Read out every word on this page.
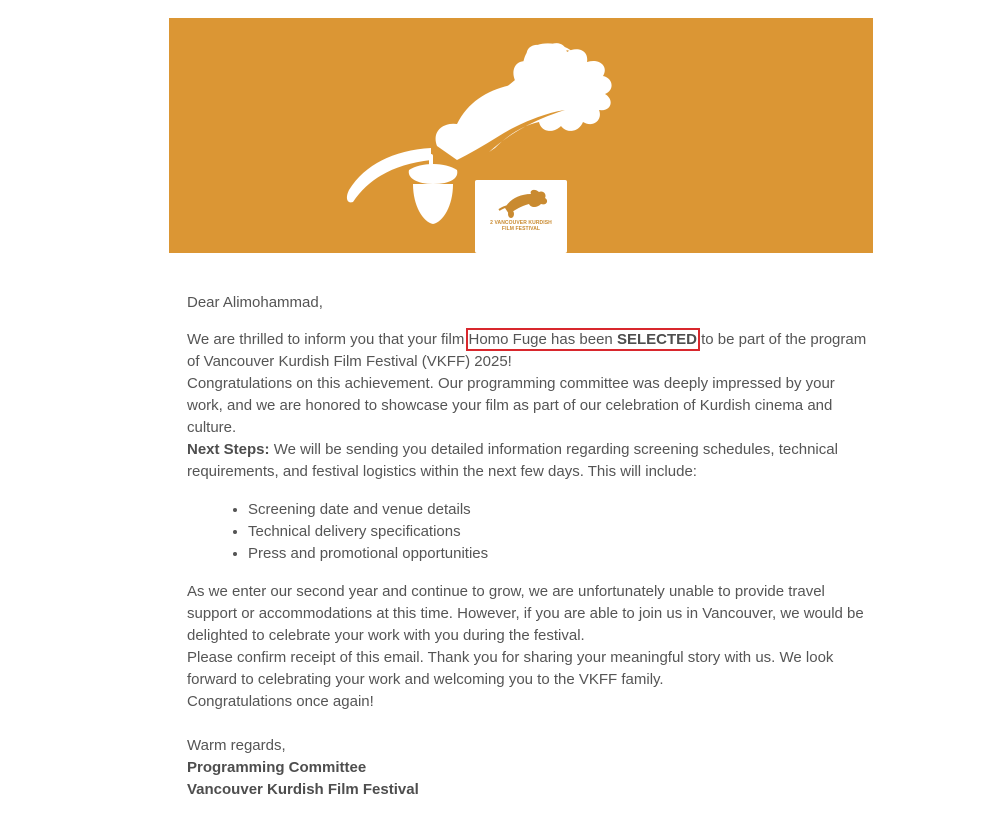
2 VANCOUVER KURDISH
FILM FESTIVAL

Dear Alimohammad,

We are thrilled to inform you that your film Homo Fuge has been SELECTED to be part of the program of Vancouver Kurdish Film Festival (VKFF) 2025!

Congratulations on this achievement. Our programming committee was deeply impressed by your work, and we are honored to showcase your film as part of our celebration of Kurdish cinema and culture.

Next Steps: We will be sending you detailed information regarding screening schedules, technical requirements, and festival logistics within the next few days. This will include:

• Screening date and venue details
• Technical delivery specifications
• Press and promotional opportunities

As we enter our second year and continue to grow, we are unfortunately unable to provide travel support or accommodations at this time. However, if you are able to join us in Vancouver, we would be delighted to celebrate your work with you during the festival.

Please confirm receipt of this email. Thank you for sharing your meaningful story with us. We look forward to celebrating your work and welcoming you to the VKFF family.

Congratulations once again!

Warm regards,

Programming Committee

Vancouver Kurdish Film Festival
